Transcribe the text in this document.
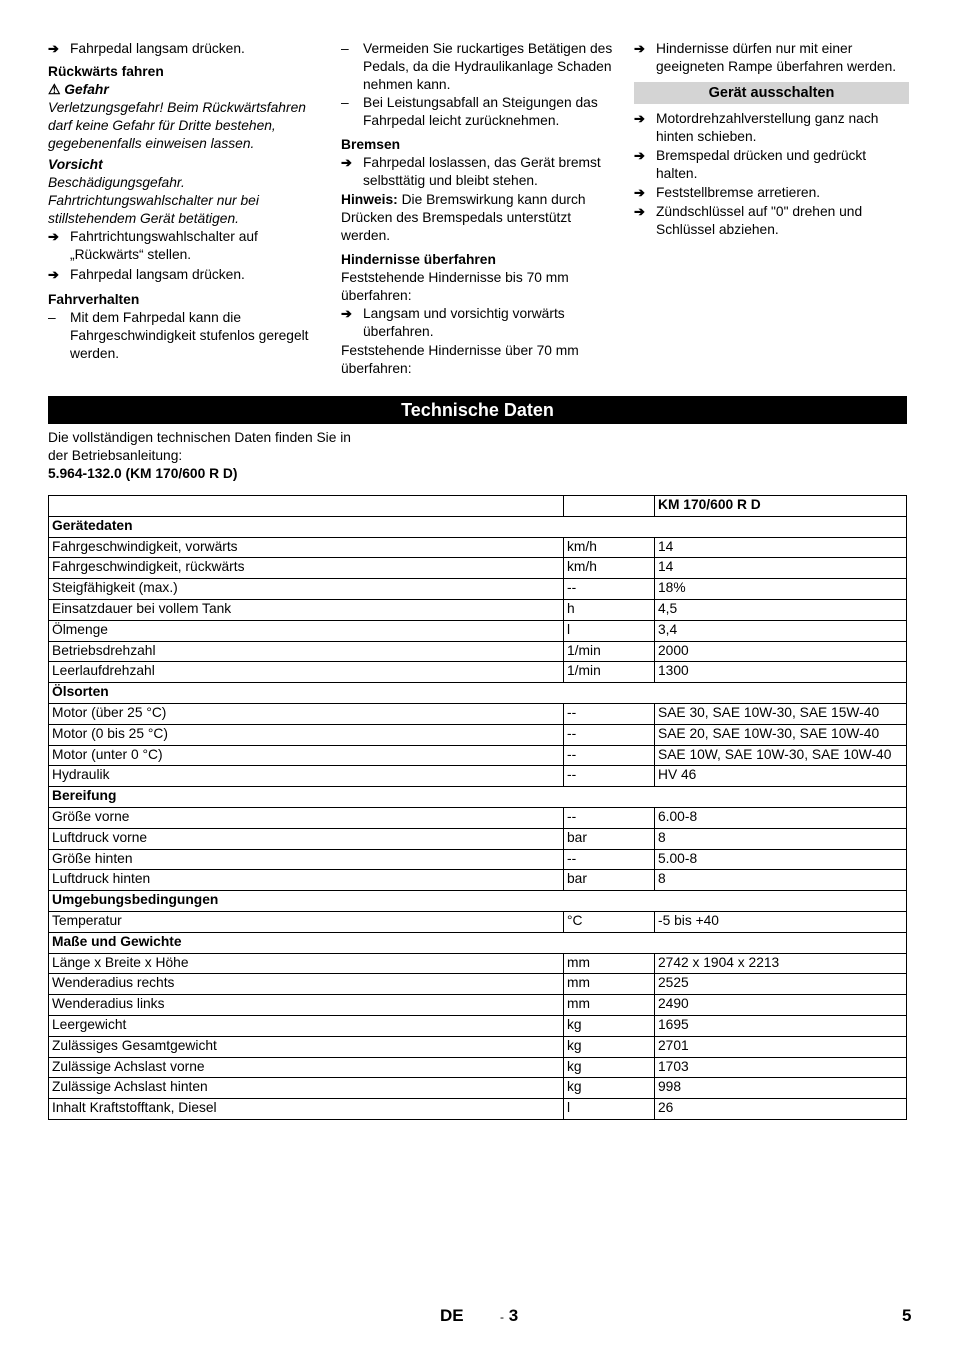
➔ Fahrpedal langsam drücken.
Rückwärts fahren
⚠ Gefahr
Verletzungsgefahr! Beim Rückwärtsfahren darf keine Gefahr für Dritte bestehen, gegebenenfalls einweisen lassen.
Vorsicht
Beschädigungsgefahr. Fahrtrichtungswahlschalter nur bei stillstehendem Gerät betätigen.
➔ Fahrtrichtungswahlschalter auf „Rückwärts“ stellen.
➔ Fahrpedal langsam drücken.
Fahrverhalten
– Mit dem Fahrpedal kann die Fahrgeschwindigkeit stufenlos geregelt werden.
– Vermeiden Sie ruckartiges Betätigen des Pedals, da die Hydraulikanlage Schaden nehmen kann.
– Bei Leistungsabfall an Steigungen das Fahrpedal leicht zurücknehmen.
Bremsen
➔ Fahrpedal loslassen, das Gerät bremst selbsttätig und bleibt stehen.
Hinweis: Die Bremswirkung kann durch Drücken des Bremspedals unterstützt werden.
Hindernisse überfahren
Feststehende Hindernisse bis 70 mm überfahren:
➔ Langsam und vorsichtig vorwärts überfahren.
Feststehende Hindernisse über 70 mm überfahren:
➔ Hindernisse dürfen nur mit einer geeigneten Rampe überfahren werden.
Gerät ausschalten
➔ Motordrehzahlverstellung ganz nach hinten schieben.
➔ Bremspedal drücken und gedrückt halten.
➔ Feststellbremse arretieren.
➔ Zündschlüssel auf "0" drehen und Schlüssel abziehen.
Technische Daten
Die vollständigen technischen Daten finden Sie in der Betriebsanleitung:
5.964-132.0 (KM 170/600 R D)
		KM 170/600 R D
Gerätedaten		
Fahrgeschwindigkeit, vorwärts	km/h	14
Fahrgeschwindigkeit, rückwärts	km/h	14
Steigfähigkeit (max.)	--	18%
Einsatzdauer bei vollem Tank	h	4,5
Ölmenge	l	3,4
Betriebsdrehzahl	1/min	2000
Leerlaufdrehzahl	1/min	1300
Ölsorten		
Motor (über 25 °C)	--	SAE 30, SAE 10W-30, SAE 15W-40
Motor (0 bis 25 °C)	--	SAE 20, SAE 10W-30, SAE 10W-40
Motor (unter 0 °C)	--	SAE 10W, SAE 10W-30, SAE 10W-40
Hydraulik	--	HV 46
Bereifung		
Größe vorne	--	6.00-8
Luftdruck vorne	bar	8
Größe hinten	--	5.00-8
Luftdruck hinten	bar	8
Umgebungsbedingungen		
Temperatur	°C	-5 bis +40
Maße und Gewichte		
Länge x Breite x Höhe	mm	2742 x 1904 x 2213
Wenderadius rechts	mm	2525
Wenderadius links	mm	2490
Leergewicht	kg	1695
Zulässiges Gesamtgewicht	kg	2701
Zulässige Achslast vorne	kg	1703
Zulässige Achslast hinten	kg	998
Inhalt Kraftstofftank, Diesel	l	26
DE	- 3	5
